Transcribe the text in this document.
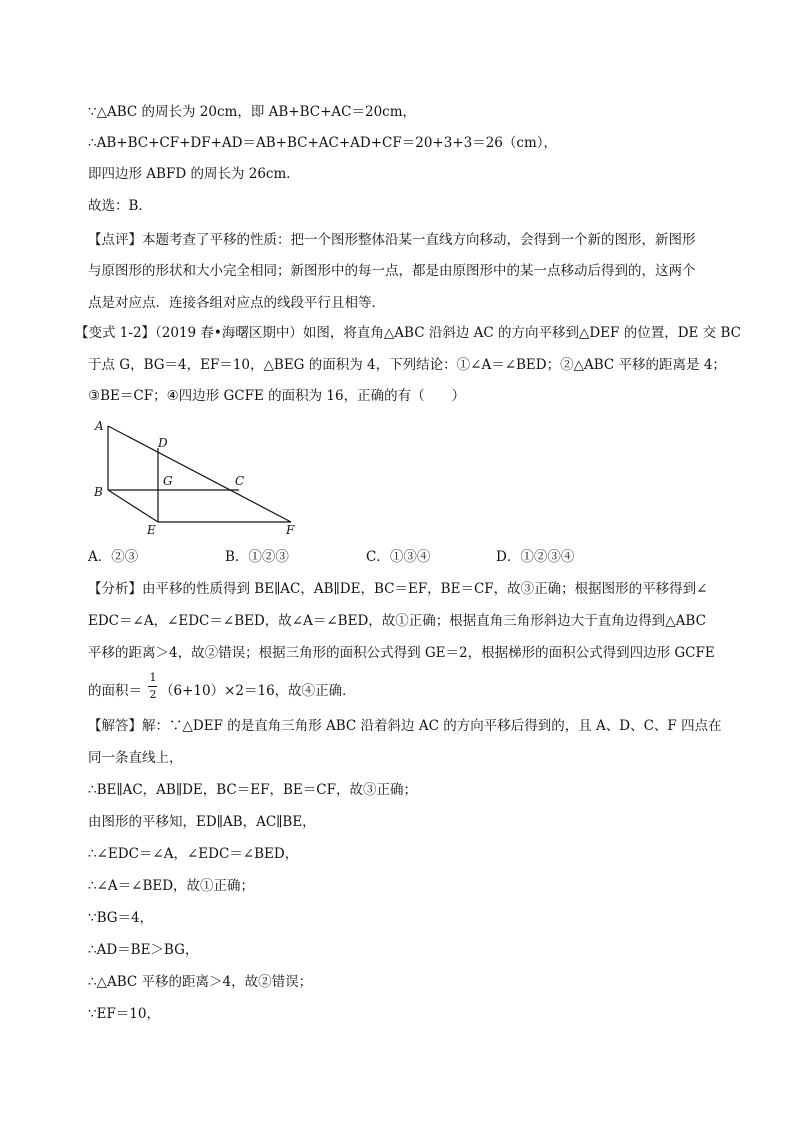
∵△ABC 的周长为 20cm，即 AB+BC+AC＝20cm，
∴AB+BC+CF+DF+AD＝AB+BC+AC+AD+CF＝20+3+3＝26（cm），
即四边形 ABFD 的周长为 26cm．
故选：B．
【点评】本题考查了平移的性质：把一个图形整体沿某一直线方向移动，会得到一个新的图形，新图形
与原图形的形状和大小完全相同；新图形中的每一点，都是由原图形中的某一点移动后得到的，这两个
点是对应点．连接各组对应点的线段平行且相等．
【变式 1-2】（2019 春•海曙区期中）如图，将直角△ABC 沿斜边 AC 的方向平移到△DEF 的位置，DE 交 BC
于点 G，BG＝4，EF＝10，△BEG 的面积为 4，下列结论：①∠A＝∠BED；②△ABC 平移的距离是 4；
③BE＝CF；④四边形 GCFE 的面积为 16，正确的有（　　）
A
D
G	C
B
E	F
A．②③	B．①②③	C．①③④	D．①②③④
【分析】由平移的性质得到 BE∥AC，AB∥DE，BC＝EF，BE＝CF，故③正确；根据图形的平移得到∠
EDC＝∠A，∠EDC＝∠BED，故∠A＝∠BED，故①正确；根据直角三角形斜边大于直角边得到△ABC
平移的距离＞4，故②错误；根据三角形的面积公式得到 GE＝2，根据梯形的面积公式得到四边形 GCFE
的面积＝
1
2 （6+10）×2＝16，故④正确．
【解答】解：∵△DEF 的是直角三角形 ABC 沿着斜边 AC 的方向平移后得到的，且 A、D、C、F 四点在
同一条直线上，
∴BE∥AC，AB∥DE，BC＝EF，BE＝CF，故③正确；
由图形的平移知，ED∥AB，AC∥BE，
∴∠EDC＝∠A，∠EDC＝∠BED，
∴∠A＝∠BED，故①正确；
∵BG＝4，
∴AD＝BE＞BG，
∴△ABC 平移的距离＞4，故②错误；
∵EF＝10，
